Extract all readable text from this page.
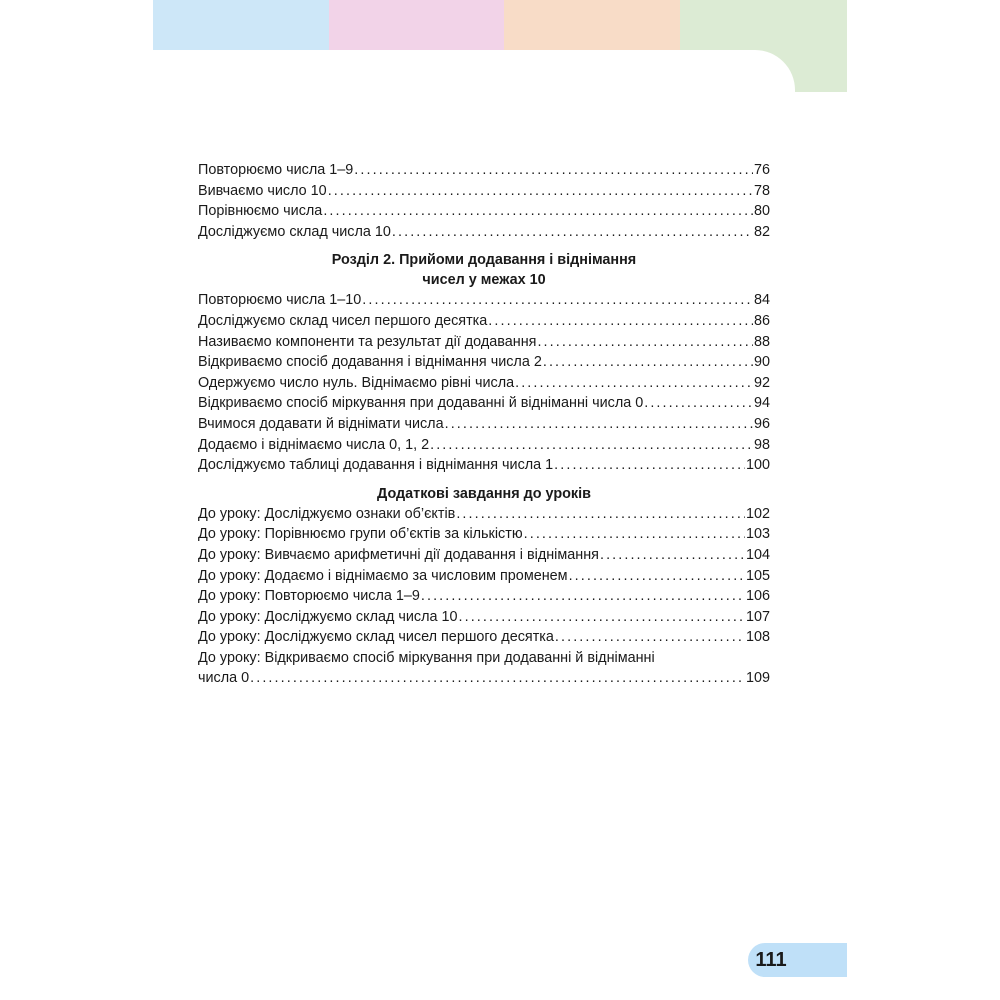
Повторюємо числа 1–9 .....	76
Вивчаємо число 10 .....	78
Порівнюємо числа .....	80
Досліджуємо склад числа 10 .....	82
Розділ 2. Прийоми додавання і віднімання
чисел у межах 10
Повторюємо числа 1–10 .....	84
Досліджуємо склад чисел першого десятка .....	86
Називаємо компоненти та результат дії додавання .....	88
Відкриваємо спосіб додавання і віднімання числа 2 .....	90
Одержуємо число нуль. Віднімаємо рівні числа .....	92
Відкриваємо спосіб міркування при додаванні й відніманні числа 0 .....	94
Вчимося додавати й віднімати числа .....	96
Додаємо і віднімаємо числа 0, 1, 2 .....	98
Досліджуємо таблиці додавання і віднімання числа 1 .....	100
Додаткові завдання до уроків
До уроку: Досліджуємо ознаки об’єктів .....	102
До уроку: Порівнюємо групи об’єктів за кількістю .....	103
До уроку: Вивчаємо арифметичні дії додавання і віднімання .....	104
До уроку: Додаємо і віднімаємо за числовим променем .....	105
До уроку: Повторюємо числа 1–9 .....	106
До уроку: Досліджуємо склад числа 10 .....	107
До уроку: Досліджуємо склад чисел першого десятка .....	108
До уроку: Відкриваємо спосіб міркування при додаванні й відніманні
числа 0 .....	109
111
